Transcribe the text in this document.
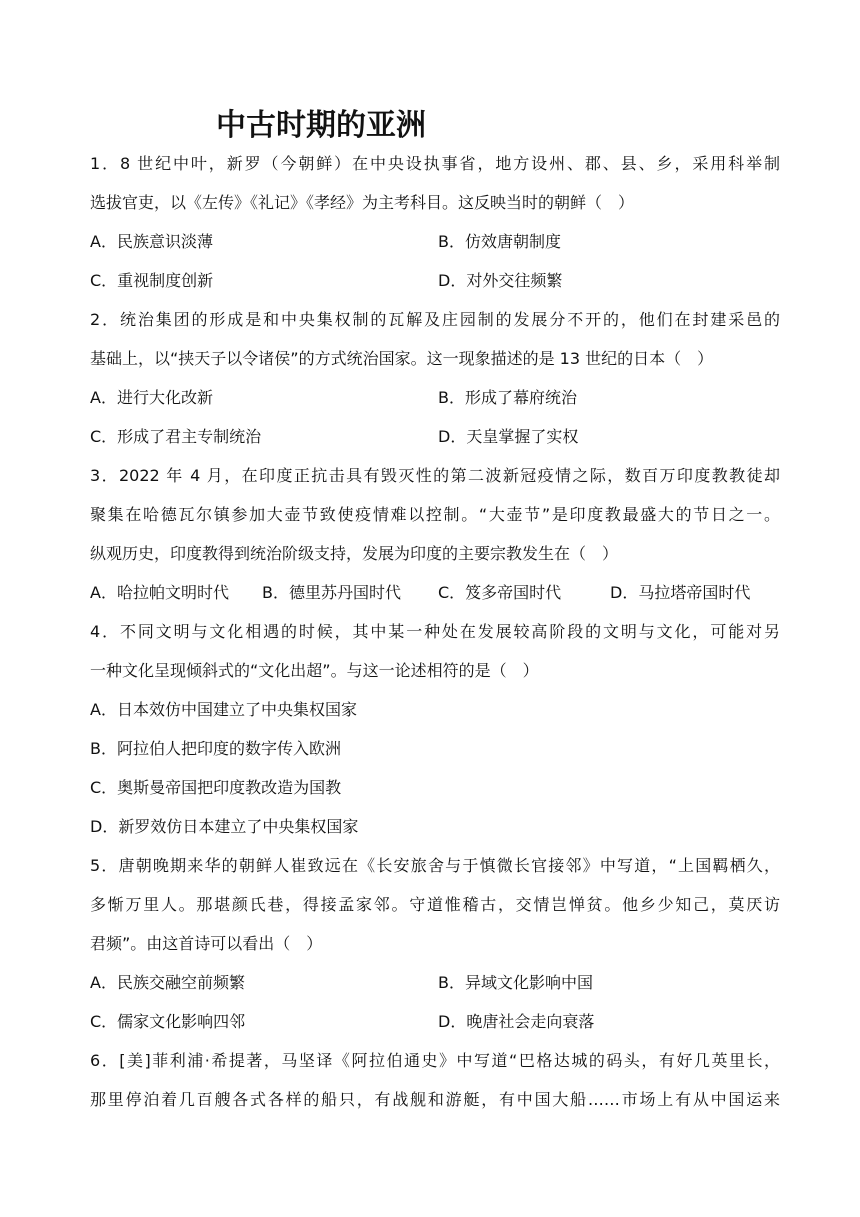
中古时期的亚洲
1．8 世纪中叶，新罗（今朝鲜）在中央设执事省，地方设州、郡、县、乡，采用科举制
选拔官吏，以《左传》《礼记》《孝经》为主考科目。这反映当时的朝鲜（　）
A．民族意识淡薄	B．仿效唐朝制度
C．重视制度创新	D．对外交往频繁
2．统治集团的形成是和中央集权制的瓦解及庄园制的发展分不开的，他们在封建采邑的
基础上，以“挟天子以令诸侯”的方式统治国家。这一现象描述的是 13 世纪的日本（　）
A．进行大化改新	B．形成了幕府统治
C．形成了君主专制统治	D．天皇掌握了实权
3．2022 年 4 月，在印度正抗击具有毁灭性的第二波新冠疫情之际，数百万印度教教徒却
聚集在哈德瓦尔镇参加大壶节致使疫情难以控制。“大壶节”是印度教最盛大的节日之一。
纵观历史，印度教得到统治阶级支持，发展为印度的主要宗教发生在（　）
A．哈拉帕文明时代 B．德里苏丹国时代 C．笈多帝国时代	D．马拉塔帝国时代
4．不同文明与文化相遇的时候，其中某一种处在发展较高阶段的文明与文化，可能对另
一种文化呈现倾斜式的“文化出超”。与这一论述相符的是（　）
A．日本效仿中国建立了中央集权国家
B．阿拉伯人把印度的数字传入欧洲
C．奥斯曼帝国把印度教改造为国教
D．新罗效仿日本建立了中央集权国家
5．唐朝晚期来华的朝鲜人崔致远在《长安旅舍与于慎微长官接邻》中写道，“上国羁栖久，
多惭万里人。那堪颜氏巷，得接孟家邻。守道惟稽古，交情岂惮贫。他乡少知己，莫厌访
君频”。由这首诗可以看出（　）
A．民族交融空前频繁	B．异域文化影响中国
C．儒家文化影响四邻	D．晚唐社会走向衰落
6．[美]菲利浦·希提著，马坚译《阿拉伯通史》中写道“巴格达城的码头，有好几英里长，
那里停泊着几百艘各式各样的船只，有战舰和游艇，有中国大船……市场上有从中国运来
